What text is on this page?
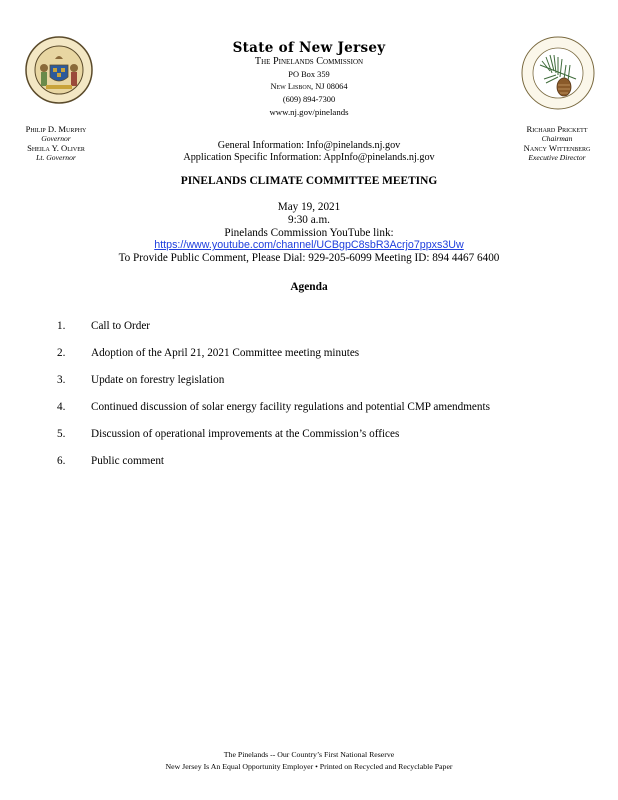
State of New Jersey
The Pinelands Commission
PO Box 359
New Lisbon, NJ 08064
(609) 894-7300
www.nj.gov/pinelands
Philip D. Murphy
Governor
Sheila Y. Oliver
Lt. Governor
Richard Prickett
Chairman
Nancy Wittenberg
Executive Director
General Information: Info@pinelands.nj.gov
Application Specific Information: AppInfo@pinelands.nj.gov
PINELANDS CLIMATE COMMITTEE MEETING
May 19, 2021
9:30 a.m.
Pinelands Commission YouTube link:
https://www.youtube.com/channel/UCBgpC8sbR3Acrjo7ppxs3Uw
To Provide Public Comment, Please Dial: 929-205-6099 Meeting ID: 894 4467 6400
Agenda
1. Call to Order
2. Adoption of the April 21, 2021 Committee meeting minutes
3. Update on forestry legislation
4. Continued discussion of solar energy facility regulations and potential CMP amendments
5. Discussion of operational improvements at the Commission’s offices
6. Public comment
The Pinelands -- Our Country’s First National Reserve
New Jersey Is An Equal Opportunity Employer • Printed on Recycled and Recyclable Paper
